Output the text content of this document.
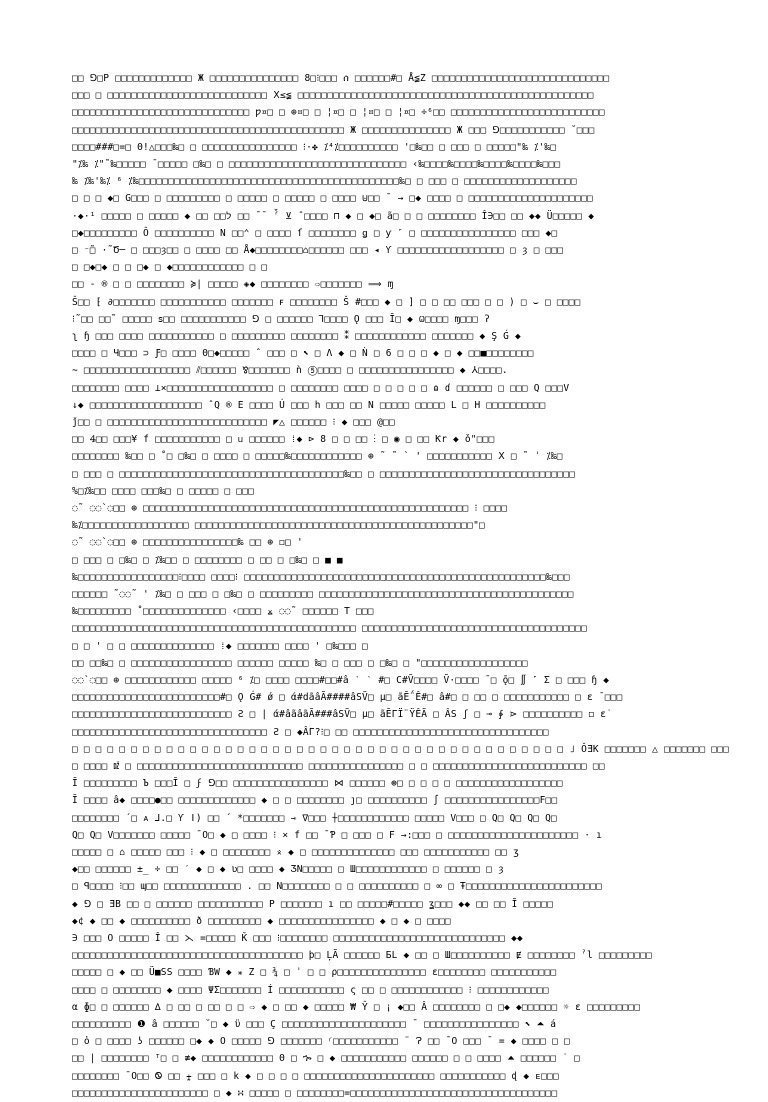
□□ ⅁□Ρ □□□□□□□□□□□□□ Ж □□□□□□□□□□□□□□□ 8□⁝□□□ ሰ □□□□□□#□ Å≨Z □□□□□□□□□□□□□□□□□□□□□□□□□□□□□□
□□□ □ □□□□□□□□□□□□□□□□□□□□□□□□□□□ Ⅹ≤≨ □□□□□□□□□□□□□□□□□□□□□□□□□□□□□□□□□□□□□□□□□□□□□□□□□□
□□□□□□□□□□□□□□□□□□□□□□□□□□□□□□ ƿ¤□ □ ⊕¤□ □ ¦¤□ □ ¦¤□ □ ¦¤□ ÷⁶□□ □□□□□□□□□□□□□□□□□□□□□□□□□□
□□□□□□□□□□□□□□□□□□□□□□□□□□□□□□□□□□□□□□□□□□□□□□ Ж □□□□□□□□□□□□□□□ Ж □□□ ⅁□□□□□□□□□□□ ˘□□□
□□□□###□=□ Θ!△□□□‰□ □ □□□□□□□□□□□□□□□□ ⁝·✤ ⁒⁴⁒□□□□□□□□□□ '□‰□□ □ □□□ □ □□□□□"‰ ⁒'‰□
"⁒‰ ⁒"˜‰□□□□□ ¯□□□□□ □‰□ □ □□□□□□□□□□□□□□□□□□□□□□□□□□□□□□ ‹‰□□□□‰□□□□‰□□□□‰□□□□‰□□□
‰ ⁒‰'‰⁒ ⁶ ⁒‰□□□□□□□□□□□□□□□□□□□□□□□□□□□□□□□□□□□□□□□□□□□□‰□ □ □□□ □ □□□□□□□□□□□□□□□□□□□
□ □ □ ◆□ G□□□ □ □□□□□□□□□ □ □□□□□ □ □□□□□ □ □□□□ ⊍□□ ˉ → □◆ □□□□ □ □□□□□□□□□□□□□□□□□□□□□
·◆·ל□□ □□ ◆ □□□□□ □ □□□□□ ¹ □□ ˉˉ ˀ̄ ⊻ ˆ□□□□ ⊓ ◆ □ ◆□ ã□ □ □ □□□□□□□□ Î∋□□ □□ ◆◆ Ü□□□□□ ◆
□◆□□□□□□□□□ Ô □□□□□□□□□□ N □□⌃ □ □□□□ ſ □□□□□□□□ ǥ □ ƴ ˹ □ □□□□□□□□□□□□□□□□ □□□ ◆□
□ ⁻̃□ ·̃ Ծ─ □ □□□ȝ□□ □ □□□□ □□ Å◆□□□□□□□□⌂□□□□□□ □□□ ◂ Ƴ □□□□□□□□□□□□□□□□□□ □ ȝ □ □□□
□ □◆□◆ □ □ □◆ □ ◆□□□□□□□□□□□□ □ □
□□ - ® □ □ □□□□□□□□ ≽| □□□□□ ◈◆ □□□□□□□□ ⇨□□□□□□□ ⟹ ɱ
Ŝ□□ ⁅ ∂□□□□□□□ □□□□□□□□□□□ □□□□□□□ ꜰ □□□□□□□□ Š #□□□ ◆ □ ] □ □ □□ □□□ □ □ ) □ ⌣ □ □□□□
⁝˜□□ □□˜ □□□□□ ꜱ□□ □□□□□□□□□□□ ⅁ □ □□□□□□ Ꞁ□□□□ Ǫ □□□ Ī□ ◆ Ѡ□□□□ ɱ□□□ ʔ
ʅ ɧ □□□ □□□□ □□□□□□□□□□□ □ □□□□□□□□□ □□□□□□□□ ⁑ □□□□□□□□□□□□ □□□□□□□ ◆ Ş Ǵ ◆
□□□□ □ Ч□□□ ⊃ Ƒ□ □□□□ Θ□◆□□□□□ ˆ □□□ □ ⬉ □ Λ ◆ □ Ǹ □ 6 □ □ □ ◆ □ ◆ □□■□□□□□□□□
∼ □□□□□□□□□□□□□□□□□□ ⫽□□□□□□ ⅋□□□□□□□ ǹ ⑤□□□□ □ □□□□□□□□□□□□□□□□ ◆ ⅄□□□□.
□□□□□□□□ □□□□ ⊥×□□□□□□□□□□□□□□□□□□ □ □□□□□□□□ □□□□ □ □ □ □ □ ɷ ɗ □□□□□□ □ □□□ Q □□□V
↓◆ □□□□□□□□□□□□□□□□□□□ ˆQ ® Ε □□□□ Ú □□□ h □□□ □□ N □□□□□ □□□□□ L □ H □□□□□□□□□□
ǰ□□ □ □□□□□□□□□□□□□□□□□□□□□□□□□□□ ◤△ □□□□□□ ⁝ ◆ □□□ @□□
□□ Ꜯ□□ □□□¥ f □□□□□□□□□□□ □ ᥙ □□□□□□ ⁞◆ ⊳ 8 □ □ □□ ⁝ □ ◉ □ □□ Ƙr ◆ ǒ"□□□
□□□□□□□□ ‰□□ □ ˚□ □‰□ □ □□□□ □ □□□□□‰□□□□□□□□□□□□ ⊕ ˜ ˜ ` ' □□□□□□□□□□□ Ⅹ □ ˜ ˈ ⁒‰□
□ □□□ □ □□□□□□□□□□□□□□□□□□□□□□□□□□□□□□□□□□□□□□‰□□ □ □□□□□□□□□□□□□□□□□□□□□□□□□□□□□□□□□
%□⁒‰□□ □□□□ □□□‰□ □ □□□□□ □ □□□
◌˜ ◌◌`◌□□ ⊕ □□□□□□□□□□□□□□□□□□□□□□□□□□□□□□□□□□□□□□□□□□□□□□□□□□□□□□□ ⁝ □□□□
‰⁒□□□□□□□□□□□□□□□□□□ □□□□□□□□□□□□□□□□□□□□□□□□□□□□□□□□□□□□□□□□□□□□□□□"□
◌˜ ◌◌`◌□□ ⊕ □□□□□□□□□□□□□□□□‰ □□ ⊕ ◻□ '
□ □□□ □ □‰□ □ ⁒‰□□ □ □□□□□□□□ □ □□ □ □‰□ □ ■ ■
‰□□□□□□□□□□□□□□□□□⁝□□□□ □□□□⁝ □□□□□□□□□□□□□□□□□□□□□□□□□□□□□□□□□□□□□□□□□□□□□□□□□□□‰□□□
□□□□□□ ˜◌◌˜ ' ⁒‰□ □ □□□ □ □‰□ □ □□□□□□□□□ □□□□□□□□□□□□□□□□□□□□□□□□□□□□□□□□□□□□□□□□□□□
‰□□□□□□□□□ ˚□□□□□□□□□□□□□□ ‹□□□□ ⨱ ◌◌˜ □□□□□□ T □□□
□□□□□□□□□□□□□□□□□□□□□□□□□□□□□□□□□□□□□□□□□□□□□□□□ □□□□□□□□□□□□□□□□□□□□□□□□□□□□□□□□□□□□□□
□ □ ' □ □ □□□□□□□□□□□□□□ ⁞◆ □□□□□□□ □□□□ ' □‰□□□ □
□□ □□‰□ □ □□□□□□□□□□□□□□□□□ □□□□□□ □□□□□ ‰□ □ □□□ □ □‰□ □ "□□□□□□□□□□□□□□□□□□
◌◌`◌□□ ⊕ □□□□□□□□□□□□ □□□□□ ⁶ ⁒□ □□□□ □□□□#□□#â ˋ ˋ #□ C#Ṽ□□□□ Ṽ·□□□□ ˉ□ ǭ□ ∬ ˹ Ʃ □ □□□ ɧ ◆
□□□□□□□□□□□□□□□□□□□□□□□□□#□ Ǫ Ǵ# ǿ □ ά#dãâÃ####âSṼ□ μ□ ãĒ΅Ê#□ â#□ □ □□ □ □□□□□□□□□□□ □ ɛ ˉ□□□
□□□□□□□□□□□□□□□□□□□□□□□□□□□ Ƨ □ | ά#âãâãÃ###âSṼ□ μ□ ãĒΓΪ̈ ΫÊÃ □ ÂS ʃ □ ⊸ ∲ ⋗ □□□□□□□□□□ ◻ ɛ˙
□□□□□□□□□□□□□□□□□□□□□□□□□□□□□□□□□ Ƨ □ ◆ÂΓ?⁝□ □□ □□□□□□□□□□□□□□□□□□□□□□□□□□□□□□□□□
□ □ □ □ □ □ □ □ □ □ □ □ □ □ □ □ □ □ □ □ □ □ □ □ □ □ □ □ □ □ □ □ □ □ □ □ □ □ □ □ □ □ ˩ ǑƎK □□□□□□□ △ □□□□□□□ □□□
□ □□□□ Ǆ □ □□□□□□□□□□□□□□□□□□□□□□□□□□□□ □□□□□□□□□□□□□□□□ □ □ □□□□□□□□□□□□□□□□□□□□□□□□□□ □□
Ī □□□□□□□□□ Ъ □□□Ī □ ϝ ⅁□□ □□□□□□□□□□□□□□□□ ⋈ □□□□□□ ⊛□ □ □ □ □ □□□□□□□□□□□□□□□□□□
Ī □□□□ â◆ □□□□●□□ □□□□□□□□□□□□□ ◆ □ □ □□□□□□□□ ȷ□ □□□□□□□□□□ ∫ □□□□□□□□□□□□□□□□Ϝ□□
□□□□□□□□ ´□ ᴀ ⅃.□ Ƴ ǀ) □□ ´ *□□□□□□□ ⇾ ∇□□□ ⍭□□□□□□□□□□□□ □□□□□ V□□□ □ Q□ Q□ Q□ Q□
Q□ Q□ V□□□□□□□ □□□□□ ˉO□ ◆ □ □□□□ ⁝ × f □□ ˉƤ □ □□□ □ F →:□□□ □ □□□□□□□□□□□□□□□□□□□□□□ ⋅ ı
□□□□□ □ ⌂ □□□□□ □□□ ⁝ ◆ □ □□□□□□□□ ⨰ ◆ □ □□□□□□□□□□□□□□ □□□ □□□□□□□□□□□ □□ ʒ
◆□□ □□□□□□ ±̲ ÷ □□ ˊ ◆ □ ◆ ʋ□ □□□□ ◆ ƷN□□□□□ □ Ш□□□□□□□□□□□□ □ □□□□□□ □ ȝ
□ ꟼ□□□□ ⁝□□ ɰ□□ □□□□□□□□□□□□□ . □□ Ν□□□□□□□□ □ □ □□□□□□□□□□ □ ∞ □ Ŧ□□□□□□□□□□□□□□□□□□□□□□□
◆ ⅁ □ ƎB □□ □ □□□□□□ □□□□□□□□□□□ Ρ □□□□□□□ ı □□ □□□□□#□□□□□ ʓ□□□ ◆◆ □□ □□ Ĩ □□□□□
◆¢ ◆ □□ ◆ □□□□□□□□□□ ð □□□□□□□□□ ◆ □□□□□□□□□□□□□□□□ ◆ □ ◆ □ □□□□
∋ □□□ O □□□□□ Î □□ ⋋ =□□□□□ Ǩ □□□ ⁝□□□□□□□□ □□□□□□□□□□□□□□□□□□□□□□□□□□□□□ ◆◆
□□□□□□□□□□□□□□□□□□□□□□□□□□□□□□□□□□□□□□□ ϸ□ ĻÃ □□□□□□ ƂL ◆ □□ □ Ш□□□□□□□□□□ Ɇ □□□□□□□□ ˀl □□□□□□□□□
□□□□□ □ ◆ □□ Ü■SS □□□□ ƁW ◆ ⁎ Z □ ¾ □ ˈ □ □ ρ□□□□□□□□□□□□□□□ ɛ□□□□□□□□ □□□□□□□□□□□
□□□□ □ □□□□□□□□ ◆ □□□□ ΨΣ□□□□□□□ Í □□□□□□□□□□□ ς □□ □ □□□□□□□□□□□□ ⁝ □□□□□□□□□□□□
α ɸ□ □ □□□□□□ ∆ □ □□ □ □□ □ □ ⇨ ◆ □ □□ ◆ □□□□□ ₩ Ŷ □ ¡ ◆□□ Â □□□□□□□□ □ □◆ ◆□□□□□□ ☼ ɛ □□□□□□□□□
□□□□□□□□□□ ❶ â □□□□□□ ˘□ ◆ ϋ □□□ Ç □□□□□□□□□□□□□□□□□□□□□ ˉ □□□□□□□□□□□□□□□□ ⬉ ⏶ á
□ ὁ □ □□□□ ʖ □□□□□□ □◆ ◆ O □□□□□ ⅁ □□□□□□□ ⸂□□□□□□□□□□□ ¨ Ɂ □□ ˉO □□□ ˉ = ◆ □□□□ □ □
□□ | □□□□□□□□ ᵀ□ □ ≢◆ □□□□□□□□□□□□ Θ □ ኈ □ ◆ □□□□□□□□□□□ □□□□□□ □ □ □□□□ ⏶ □□□□□□ ˙ □
□□□□□□□□ ˉO□□ Ꮻ □□ ⨦ □□□ □ k ◆ □ □ □ □ □□□□□□□□□□□□□□□□□□□□□□ □□□□□□□□□□□ ɖ ◆ ᴇ□□□
□□□□□□□□□□□□□□□□□□□□□□□ □ ◆ ∺ □□□□□ □ □□□□□□□□=□□□□□□□□□□□□□□□□□□□□□□□□□□□□□□□□□□□
